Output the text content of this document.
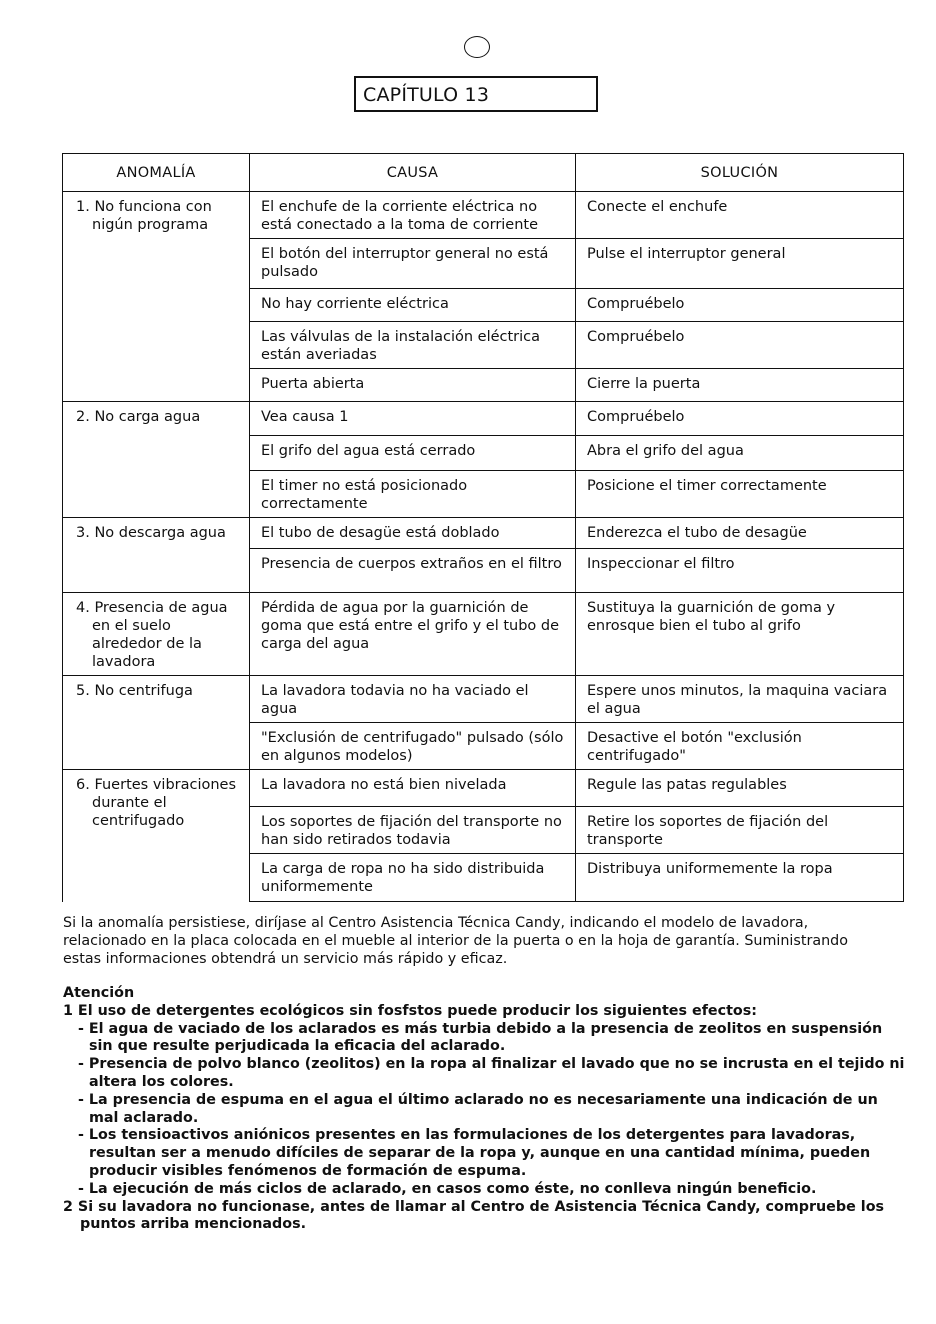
CAPÍTULO 13
ANOMALÍA	CAUSA	SOLUCIÓN

1. No funciona con nigún programa	El enchufe de la corriente eléctrica no está conectado a la toma de corriente	Conecte el enchufe
	El botón del interruptor general no está pulsado	Pulse el interruptor general
	No hay corriente eléctrica	Compruébelo
	Las válvulas de la instalación eléctrica están averiadas	Compruébelo
	Puerta abierta	Cierre la puerta

2. No carga agua	Vea causa 1	Compruébelo
	El grifo del agua está cerrado	Abra el grifo del agua
	El timer no está posicionado correctamente	Posicione el timer correctamente

3. No descarga agua	El tubo de desagüe está doblado	Enderezca el tubo de desagüe
	Presencia de cuerpos extraños en el filtro	Inspeccionar el filtro

4. Presencia de agua en el suelo alrededor de la lavadora	Pérdida de agua por la guarnición de goma que está entre el grifo y el tubo de carga del agua	Sustituya la guarnición de goma y enrosque bien el tubo al grifo

5. No centrifuga	La lavadora todavia no ha vaciado el agua	Espere unos minutos, la maquina vaciara el agua
	"Exclusión de centrifugado" pulsado (sólo en algunos modelos)	Desactive el botón "exclusión centrifugado"

6. Fuertes vibraciones durante el centrifugado	La lavadora no está bien nivelada	Regule las patas regulables
	Los soportes de fijación del transporte no han sido retirados todavia	Retire los soportes de fijación del transporte
	La carga de ropa no ha sido distribuida uniformemente	Distribuya uniformemente la ropa
Si la anomalía persistiese, diríjase al Centro Asistencia Técnica Candy, indicando el modelo de lavadora, relacionado en la placa colocada en el mueble al interior de la puerta o en la hoja de garantía. Suministrando estas informaciones obtendrá un servicio más rápido y eficaz.
Atención
1 El uso de detergentes ecológicos sin fosfstos puede producir los siguientes efectos:
- El agua de vaciado de los aclarados es más turbia debido a la presencia de zeolitos en suspensión sin que resulte perjudicada la eficacia del aclarado.
- Presencia de polvo blanco (zeolitos) en la ropa al finalizar el lavado que no se incrusta en el tejido ni altera los colores.
- La presencia de espuma en el agua el último aclarado no es necesariamente una indicación de un mal aclarado.
- Los tensioactivos aniónicos presentes en las formulaciones de los detergentes para lavadoras, resultan ser a menudo difíciles de separar de la ropa y, aunque en una cantidad mínima, pueden producir visibles fenómenos de formación de espuma.
- La ejecución de más ciclos de aclarado, en casos como éste, no conlleva ningún beneficio.
2 Si su lavadora no funcionase, antes de llamar al Centro de Asistencia Técnica Candy, compruebe los puntos arriba mencionados.
